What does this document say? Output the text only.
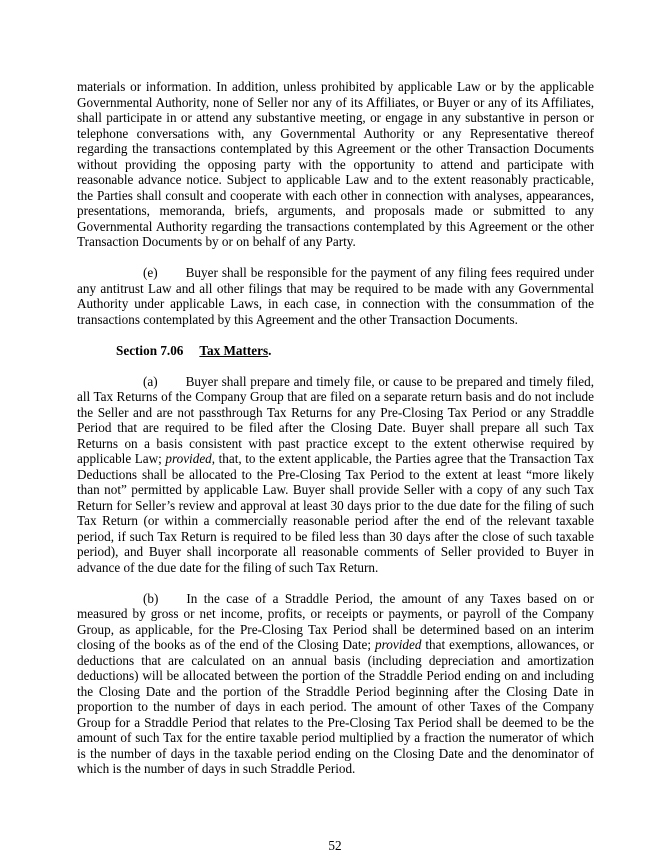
materials or information. In addition, unless prohibited by applicable Law or by the applicable Governmental Authority, none of Seller nor any of its Affiliates, or Buyer or any of its Affiliates, shall participate in or attend any substantive meeting, or engage in any substantive in person or telephone conversations with, any Governmental Authority or any Representative thereof regarding the transactions contemplated by this Agreement or the other Transaction Documents without providing the opposing party with the opportunity to attend and participate with reasonable advance notice. Subject to applicable Law and to the extent reasonably practicable, the Parties shall consult and cooperate with each other in connection with analyses, appearances, presentations, memoranda, briefs, arguments, and proposals made or submitted to any Governmental Authority regarding the transactions contemplated by this Agreement or the other Transaction Documents by or on behalf of any Party.

(e) Buyer shall be responsible for the payment of any filing fees required under any antitrust Law and all other filings that may be required to be made with any Governmental Authority under applicable Laws, in each case, in connection with the consummation of the transactions contemplated by this Agreement and the other Transaction Documents.

Section 7.06 Tax Matters.

(a) Buyer shall prepare and timely file, or cause to be prepared and timely filed, all Tax Returns of the Company Group that are filed on a separate return basis and do not include the Seller and are not passthrough Tax Returns for any Pre-Closing Tax Period or any Straddle Period that are required to be filed after the Closing Date. Buyer shall prepare all such Tax Returns on a basis consistent with past practice except to the extent otherwise required by applicable Law; provided, that, to the extent applicable, the Parties agree that the Transaction Tax Deductions shall be allocated to the Pre-Closing Tax Period to the extent at least “more likely than not” permitted by applicable Law. Buyer shall provide Seller with a copy of any such Tax Return for Seller’s review and approval at least 30 days prior to the due date for the filing of such Tax Return (or within a commercially reasonable period after the end of the relevant taxable period, if such Tax Return is required to be filed less than 30 days after the close of such taxable period), and Buyer shall incorporate all reasonable comments of Seller provided to Buyer in advance of the due date for the filing of such Tax Return.

(b) In the case of a Straddle Period, the amount of any Taxes based on or measured by gross or net income, profits, or receipts or payments, or payroll of the Company Group, as applicable, for the Pre-Closing Tax Period shall be determined based on an interim closing of the books as of the end of the Closing Date; provided that exemptions, allowances, or deductions that are calculated on an annual basis (including depreciation and amortization deductions) will be allocated between the portion of the Straddle Period ending on and including the Closing Date and the portion of the Straddle Period beginning after the Closing Date in proportion to the number of days in each period. The amount of other Taxes of the Company Group for a Straddle Period that relates to the Pre-Closing Tax Period shall be deemed to be the amount of such Tax for the entire taxable period multiplied by a fraction the numerator of which is the number of days in the taxable period ending on the Closing Date and the denominator of which is the number of days in such Straddle Period.

52
